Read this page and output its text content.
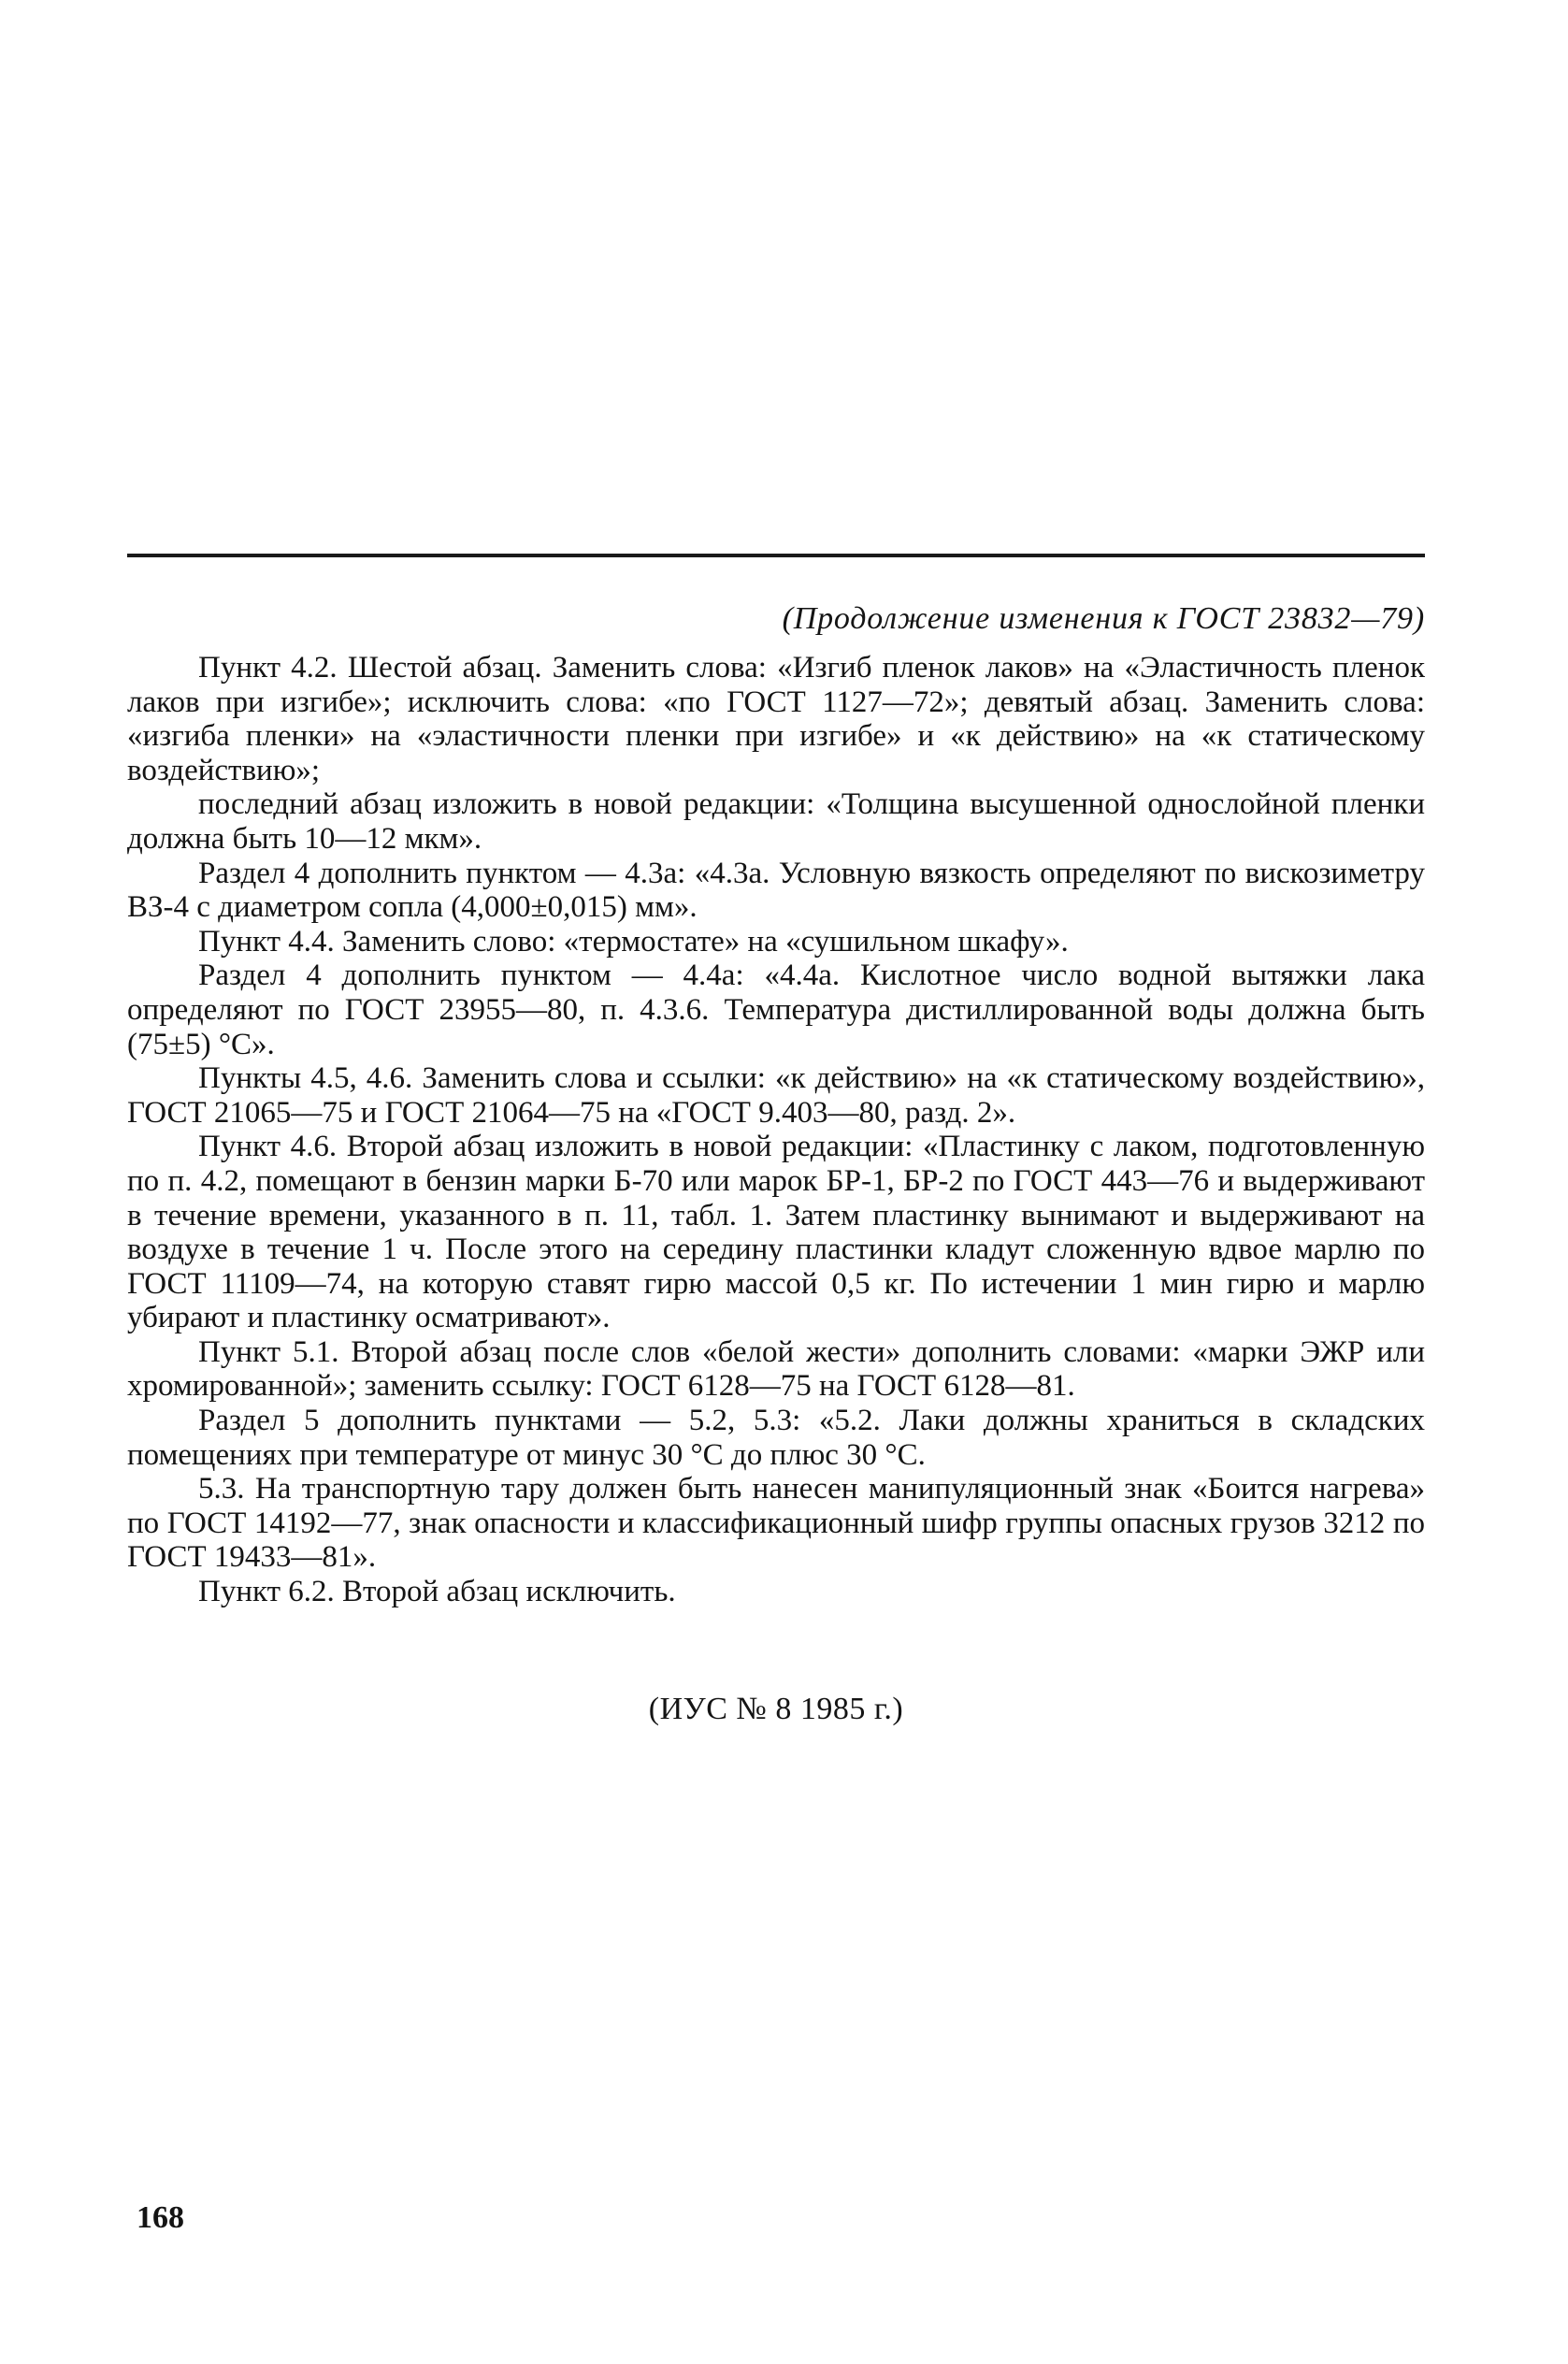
(Продолжение изменения к ГОСТ 23832—79)

Пункт 4.2. Шестой абзац. Заменить слова: «Изгиб пленок лаков» на «Эластичность пленок лаков при изгибе»; исключить слова: «по ГОСТ 1127—72»; девятый абзац. Заменить слова: «изгиба пленки» на «эластичности пленки при изгибе» и «к действию» на «к статическому воздействию»;

последний абзац изложить в новой редакции: «Толщина высушенной однослойной пленки должна быть 10—12 мкм».

Раздел 4 дополнить пунктом — 4.3а: «4.3а. Условную вязкость определяют по вискозиметру ВЗ-4 с диаметром сопла (4,000±0,015) мм».

Пункт 4.4. Заменить слово: «термостате» на «сушильном шкафу».

Раздел 4 дополнить пунктом — 4.4а: «4.4а. Кислотное число водной вытяжки лака определяют по ГОСТ 23955—80, п. 4.3.6. Температура дистиллированной воды должна быть (75±5) °С».

Пункты 4.5, 4.6. Заменить слова и ссылки: «к действию» на «к статическому воздействию», ГОСТ 21065—75 и ГОСТ 21064—75 на «ГОСТ 9.403—80, разд. 2».

Пункт 4.6. Второй абзац изложить в новой редакции: «Пластинку с лаком, подготовленную по п. 4.2, помещают в бензин марки Б-70 или марок БР-1, БР-2 по ГОСТ 443—76 и выдерживают в течение времени, указанного в п. 11, табл. 1. Затем пластинку вынимают и выдерживают на воздухе в течение 1 ч. После этого на середину пластинки кладут сложенную вдвое марлю по ГОСТ 11109—74, на которую ставят гирю массой 0,5 кг. По истечении 1 мин гирю и марлю убирают и пластинку осматривают».

Пункт 5.1. Второй абзац после слов «белой жести» дополнить словами: «марки ЭЖР или хромированной»; заменить ссылку: ГОСТ 6128—75 на ГОСТ 6128—81.

Раздел 5 дополнить пунктами — 5.2, 5.3: «5.2. Лаки должны храниться в складских помещениях при температуре от минус 30 °С до плюс 30 °С.

5.3. На транспортную тару должен быть нанесен манипуляционный знак «Боится нагрева» по ГОСТ 14192—77, знак опасности и классификационный шифр группы опасных грузов 3212 по ГОСТ 19433—81».

Пункт 6.2. Второй абзац исключить.

(ИУС № 8 1985 г.)
168
